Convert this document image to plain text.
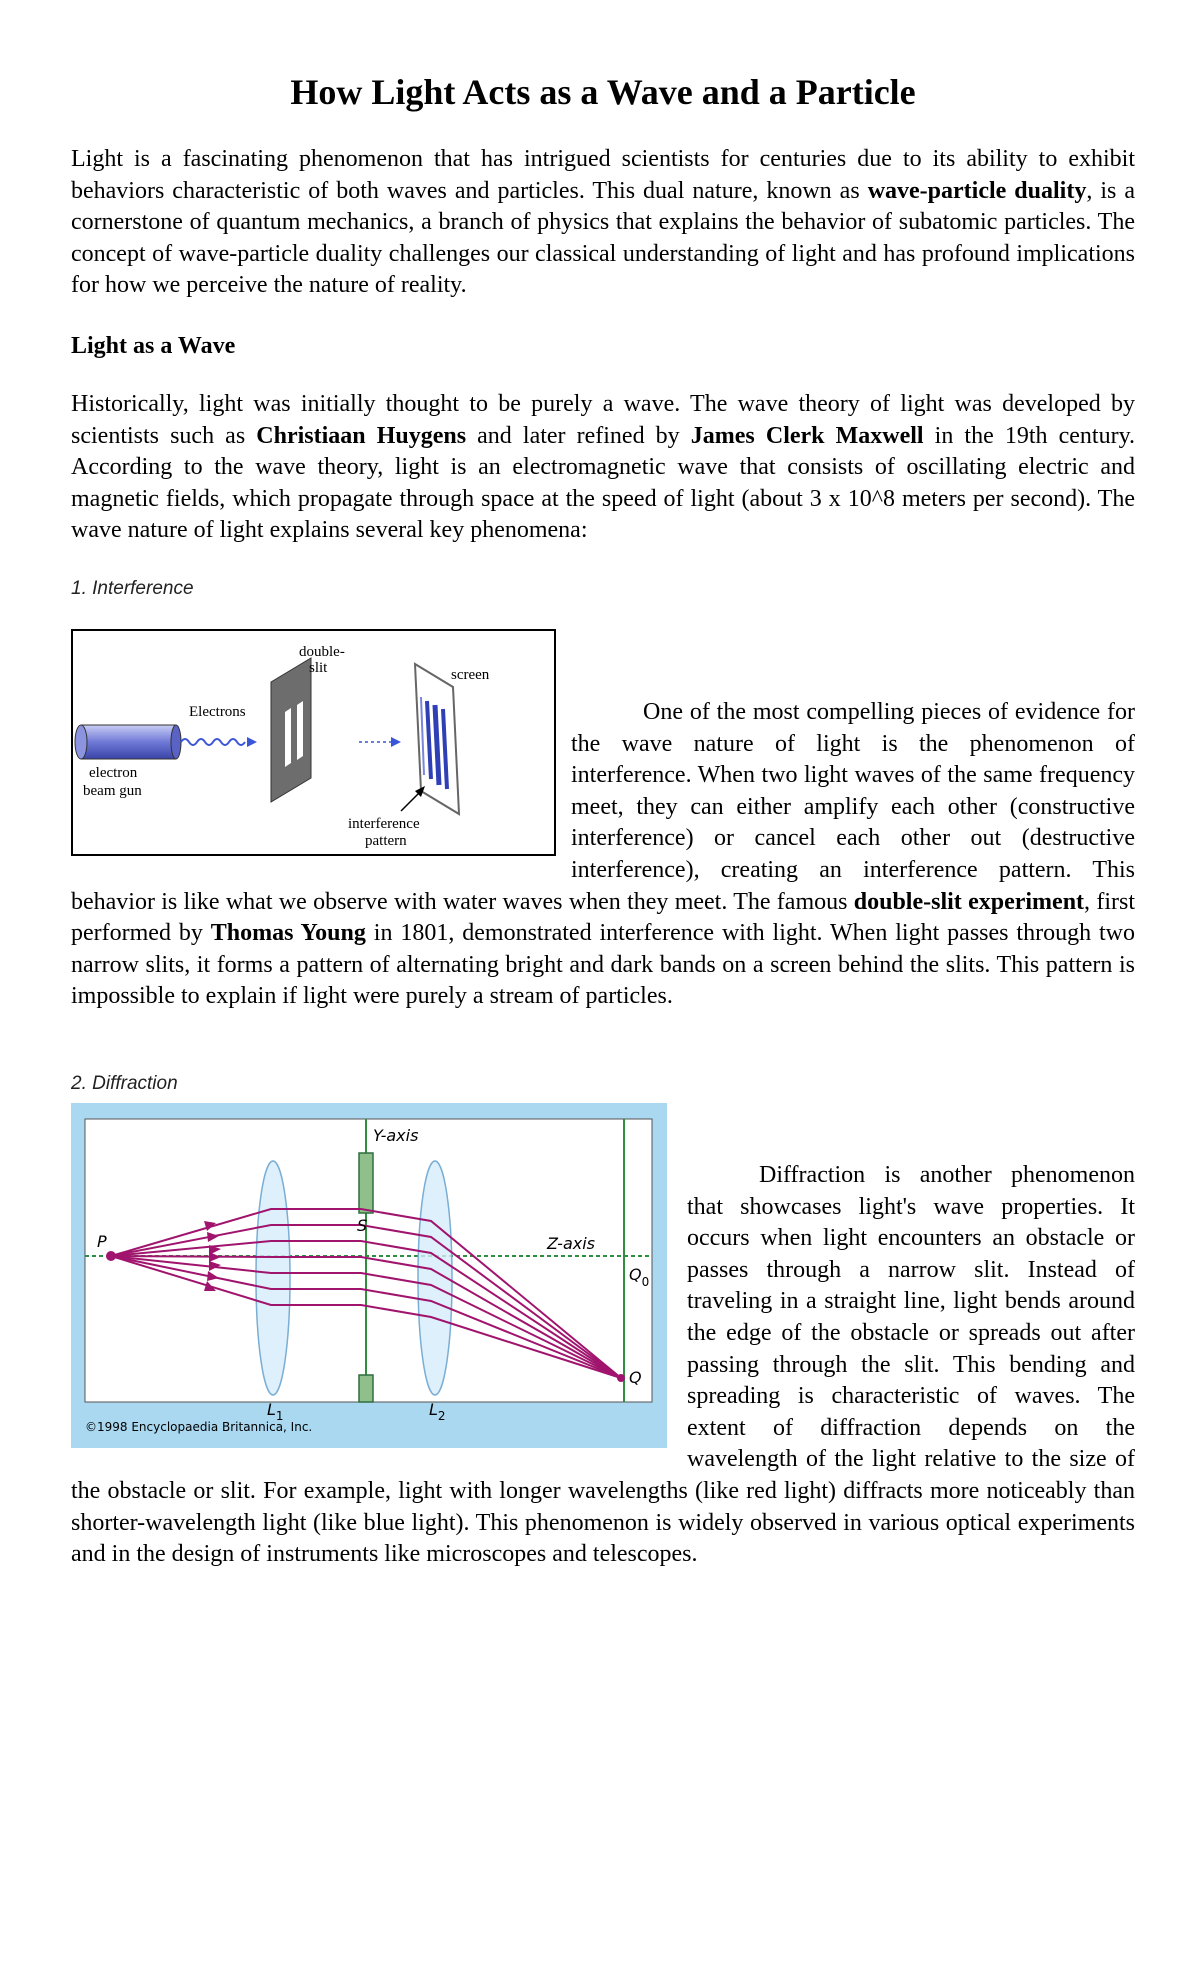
How Light Acts as a Wave and a Particle

Light is a fascinating phenomenon that has intrigued scientists for centuries due to its ability to exhibit behaviors characteristic of both waves and particles. This dual nature, known as wave-particle duality, is a cornerstone of quantum mechanics, a branch of physics that explains the behavior of subatomic particles. The concept of wave-particle duality challenges our classical understanding of light and has profound implications for how we perceive the nature of reality.

Light as a Wave

Historically, light was initially thought to be purely a wave. The wave theory of light was developed by scientists such as Christiaan Huygens and later refined by James Clerk Maxwell in the 19th century. According to the wave theory, light is an electromagnetic wave that consists of oscillating electric and magnetic fields, which propagate through space at the speed of light (about 3 x 10^8 meters per second). The wave nature of light explains several key phenomena:

1. Interference

Electrons
electron
beam gun
double-
slit	screen
interference
pattern

One of the most compelling pieces of evidence for the wave nature of light is the phenomenon of interference. When two light waves of the same frequency meet, they can either amplify each other (constructive interference) or cancel each other out (destructive interference), creating an interference pattern. This behavior is like what we observe with water waves when they meet. The famous double-slit experiment, first performed by Thomas Young in 1801, demonstrated interference with light. When light passes through two narrow slits, it forms a pattern of alternating bright and dark bands on a screen behind the slits. This pattern is impossible to explain if light were purely a stream of particles.

2. Diffraction

Y-axis
Z-axis
S
P
$Q_0$
Q
$L_1$	$L_2$
©1998 Encyclopaedia Britannica, Inc.

Diffraction is another phenomenon that showcases light's wave properties. It occurs when light encounters an obstacle or passes through a narrow slit. Instead of traveling in a straight line, light bends around the edge of the obstacle or spreads out after passing through the slit. This bending and spreading is characteristic of waves. The extent of diffraction depends on the wavelength of the light relative to the size of the obstacle or slit. For example, light with longer wavelengths (like red light) diffracts more noticeably than shorter-wavelength light (like blue light). This phenomenon is widely observed in various optical experiments and in the design of instruments like microscopes and telescopes.
